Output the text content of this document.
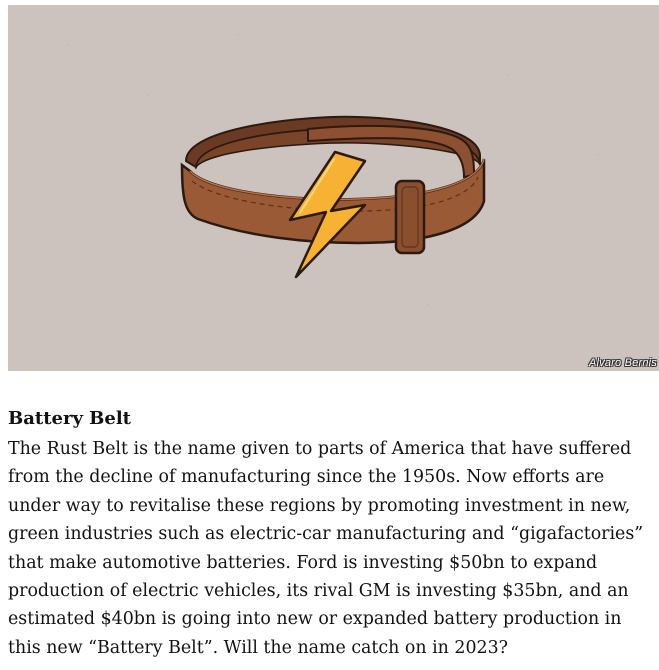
Alvaro Bernis
Battery Belt

The Rust Belt is the name given to parts of America that have suffered from the decline of manufacturing since the 1950s. Now efforts are under way to revitalise these regions by promoting investment in new, green industries such as electric-car manufacturing and “gigafactories” that make automotive batteries. Ford is investing $50bn to expand production of electric vehicles, its rival GM is investing $35bn, and an estimated $40bn is going into new or expanded battery production in this new “Battery Belt”. Will the name catch on in 2023?
